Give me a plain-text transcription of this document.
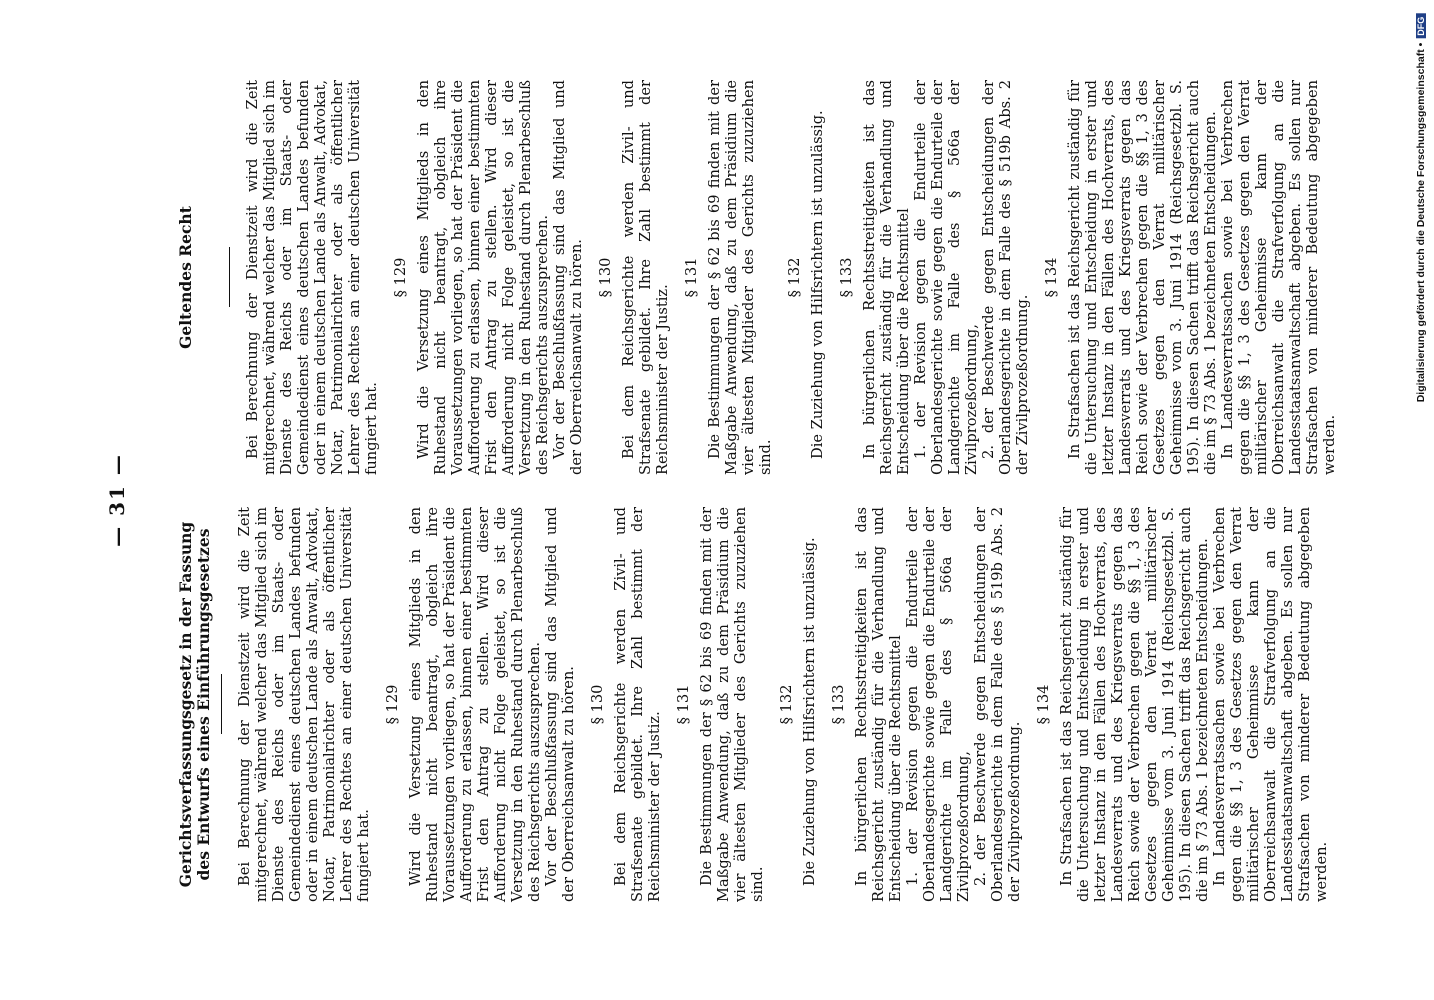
— 31 —
Gerichtsverfassungsgesetz in der Fassung des Entwurfs eines Einführungsgesetzes Bei Berechnung der Dienstzeit wird die Zeit mitgerechnet, während welcher das Mitglied sich im Dienste des Reichs oder im Staats- oder Gemeindedienst eines deutschen Landes befunden oder in einem deutschen Lande als Anwalt, Advokat, Notar, Patrimonialrichter oder als öffentlicher Lehrer des Rechtes an einer deutschen Universität fungiert hat.

§ 129 Wird die Versetzung eines Mitglieds in den Ruhestand nicht beantragt, obgleich ihre Voraussetzungen vorliegen, so hat der Präsident die Aufforderung zu erlassen, binnen einer bestimmten Frist den Antrag zu stellen. Wird dieser Aufforderung nicht Folge geleistet, so ist die Versetzung in den Ruhestand durch Plenarbeschluß des Reichsgerichts auszusprechen. Vor der Beschlußfassung sind das Mitglied und der Oberreichsanwalt zu hören. § 130 Bei dem Reichsgerichte werden Zivil- und Strafsenate gebildet. Ihre Zahl bestimmt der Reichsminister der Justiz.

§ 131 Die Bestimmungen der § 62 bis 69 finden mit der Maßgabe Anwendung, daß zu dem Präsidium die vier ältesten Mitglieder des Gerichts zuzuziehen sind.

§ 132 Die Zuziehung von Hilfsrichtern ist unzulässig. § 133 In bürgerlichen Rechtsstreitigkeiten ist das Reichsgericht zuständig für die Verhandlung und Entscheidung über die Rechtsmittel 1. der Revision gegen die Endurteile der Oberlandesgerichte sowie gegen die Endurteile der Landgerichte im Falle des § 566a der Zivilprozeßordnung, 2. der Beschwerde gegen Entscheidungen der Oberlandesgerichte in dem Falle des § 519b Abs. 2 der Zivilprozeßordnung.

§ 134 In Strafsachen ist das Reichsgericht zuständig für die Untersuchung und Entscheidung in erster und letzter Instanz in den Fällen des Hochverrats, des Landesverrats und des Kriegsverrats gegen das Reich sowie der Verbrechen gegen die §§ 1, 3 des Gesetzes gegen den Verrat militärischer Geheimnisse vom 3. Juni 1914 (Reichsgesetzbl. S. 195). In diesen Sachen trifft das Reichsgericht auch die im § 73 Abs. 1 bezeichneten Entscheidungen. In Landesverratssachen sowie bei Verbrechen gegen die §§ 1, 3 des Gesetzes gegen den Verrat militärischer Geheimnisse kann der Oberreichsanwalt die Strafverfolgung an die Landesstaatsanwaltschaft abgeben. Es sollen nur Strafsachen von minderer Bedeutung abgegeben werden.

Geltendes Recht	Bei Berechnung der Dienstzeit wird die Zeit mitgerechnet, während welcher das Mitglied sich im Dienste des Reichs oder im Staats- oder Gemeindedienst eines deutschen Landes befunden oder in einem deutschen Lande als Anwalt, Advokat, Notar, Patrimonialrichter oder als öffentlicher Lehrer des Rechtes an einer deutschen Universität fungiert hat.

§ 129 Wird die Versetzung eines Mitglieds in den Ruhestand nicht beantragt, obgleich ihre Voraussetzungen vorliegen, so hat der Präsident die Aufforderung zu erlassen, binnen einer bestimmten Frist den Antrag zu stellen. Wird dieser Aufforderung nicht Folge geleistet, so ist die Versetzung in den Ruhestand durch Plenarbeschluß des Reichsgerichts auszusprechen. Vor der Beschlußfassung sind das Mitglied und der Oberreichsanwalt zu hören. § 130 Bei dem Reichsgerichte werden Zivil- und Strafsenate gebildet. Ihre Zahl bestimmt der Reichsminister der Justiz.

§ 131 Die Bestimmungen der § 62 bis 69 finden mit der Maßgabe Anwendung, daß zu dem Präsidium die vier ältesten Mitglieder des Gerichts zuzuziehen sind.

§ 132 Die Zuziehung von Hilfsrichtern ist unzulässig. § 133 In bürgerlichen Rechtsstreitigkeiten ist das Reichsgericht zuständig für die Verhandlung und Entscheidung über die Rechtsmittel 1. der Revision gegen die Endurteile der Oberlandesgerichte sowie gegen die Endurteile der Landgerichte im Falle des § 566a der Zivilprozeßordnung, 2. der Beschwerde gegen Entscheidungen der Oberlandesgerichte in dem Falle des § 519b Abs. 2 der Zivilprozeßordnung.

§ 134 In Strafsachen ist das Reichsgericht zuständig für die Untersuchung und Entscheidung in erster und letzter Instanz in den Fällen des Hochverrats, des Landesverrats und des Kriegsverrats gegen das Reich sowie der Verbrechen gegen die §§ 1, 3 des Gesetzes gegen den Verrat militärischer Geheimnisse vom 3. Juni 1914 (Reichsgesetzbl. S. 195). In diesen Sachen trifft das Reichsgericht auch die im § 73 Abs. 1 bezeichneten Entscheidungen. In Landesverratssachen sowie bei Verbrechen gegen die §§ 1, 3 des Gesetzes gegen den Verrat militärischer Geheimnisse kann der Oberreichsanwalt die Strafverfolgung an die Landesstaatsanwaltschaft abgeben. Es sollen nur Strafsachen von minderer Bedeutung abgegeben werden.

Digitalisierung gefördert durch die Deutsche Forschungsgemeinschaft •DFG
